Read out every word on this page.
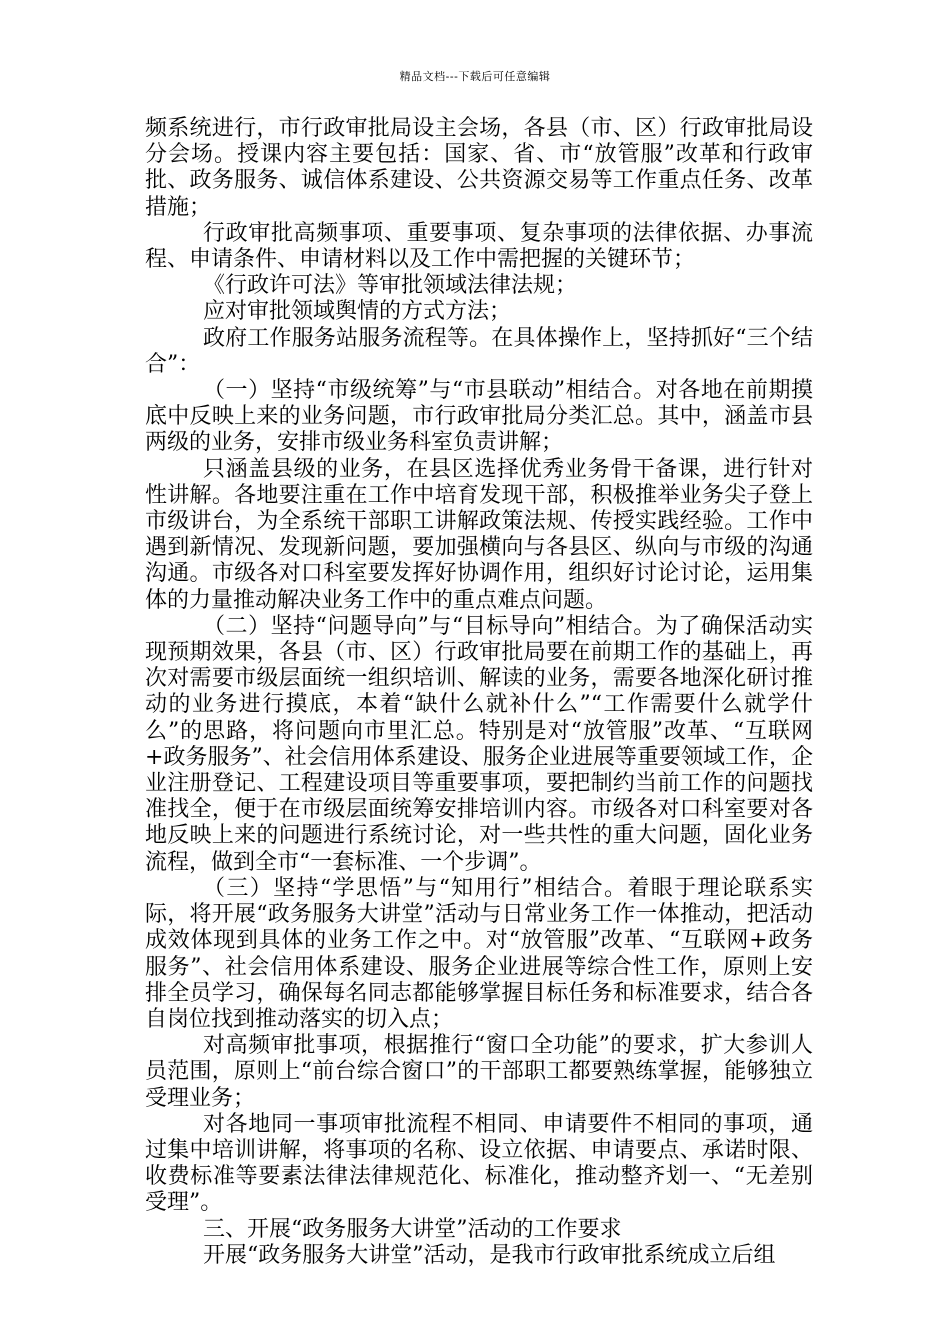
精品文档---下载后可任意编辑

频系统进行，市行政审批局设主会场，各县（市、区）行政审批局设分会场。授课内容主要包括：国家、省、市“放管服”改革和行政审批、政务服务、诚信体系建设、公共资源交易等工作重点任务、改革措施；

行政审批高频事项、重要事项、复杂事项的法律依据、办事流程、申请条件、申请材料以及工作中需把握的关键环节；

《行政许可法》等审批领域法律法规；

应对审批领域舆情的方式方法；

政府工作服务站服务流程等。在具体操作上，坚持抓好“三个结合”：

（一）坚持“市级统筹”与“市县联动”相结合。对各地在前期摸底中反映上来的业务问题，市行政审批局分类汇总。其中，涵盖市县两级的业务，安排市级业务科室负责讲解；

只涵盖县级的业务，在县区选择优秀业务骨干备课，进行针对性讲解。各地要注重在工作中培育发现干部，积极推举业务尖子登上市级讲台，为全系统干部职工讲解政策法规、传授实践经验。工作中遇到新情况、发现新问题，要加强横向与各县区、纵向与市级的沟通沟通。市级各对口科室要发挥好协调作用，组织好讨论讨论，运用集体的力量推动解决业务工作中的重点难点问题。

（二）坚持“问题导向”与“目标导向”相结合。为了确保活动实现预期效果，各县（市、区）行政审批局要在前期工作的基础上，再次对需要市级层面统一组织培训、解读的业务，需要各地深化研讨推动的业务进行摸底，本着“缺什么就补什么”“工作需要什么就学什么”的思路，将问题向市里汇总。特别是对“放管服”改革、“互联网+政务服务”、社会信用体系建设、服务企业进展等重要领域工作，企业注册登记、工程建设项目等重要事项，要把制约当前工作的问题找准找全，便于在市级层面统筹安排培训内容。市级各对口科室要对各地反映上来的问题进行系统讨论，对一些共性的重大问题，固化业务流程，做到全市“一套标准、一个步调”。

（三）坚持“学思悟”与“知用行”相结合。着眼于理论联系实际，将开展“政务服务大讲堂”活动与日常业务工作一体推动，把活动成效体现到具体的业务工作之中。对“放管服”改革、“互联网+政务服务”、社会信用体系建设、服务企业进展等综合性工作，原则上安排全员学习，确保每名同志都能够掌握目标任务和标准要求，结合各自岗位找到推动落实的切入点；

对高频审批事项，根据推行“窗口全功能”的要求，扩大参训人员范围，原则上“前台综合窗口”的干部职工都要熟练掌握，能够独立受理业务；

对各地同一事项审批流程不相同、申请要件不相同的事项，通过集中培训讲解，将事项的名称、设立依据、申请要点、承诺时限、收费标准等要素法律法律规范化、标准化，推动整齐划一、“无差别受理”。

三、开展“政务服务大讲堂”活动的工作要求

开展“政务服务大讲堂”活动，是我市行政审批系统成立后组
